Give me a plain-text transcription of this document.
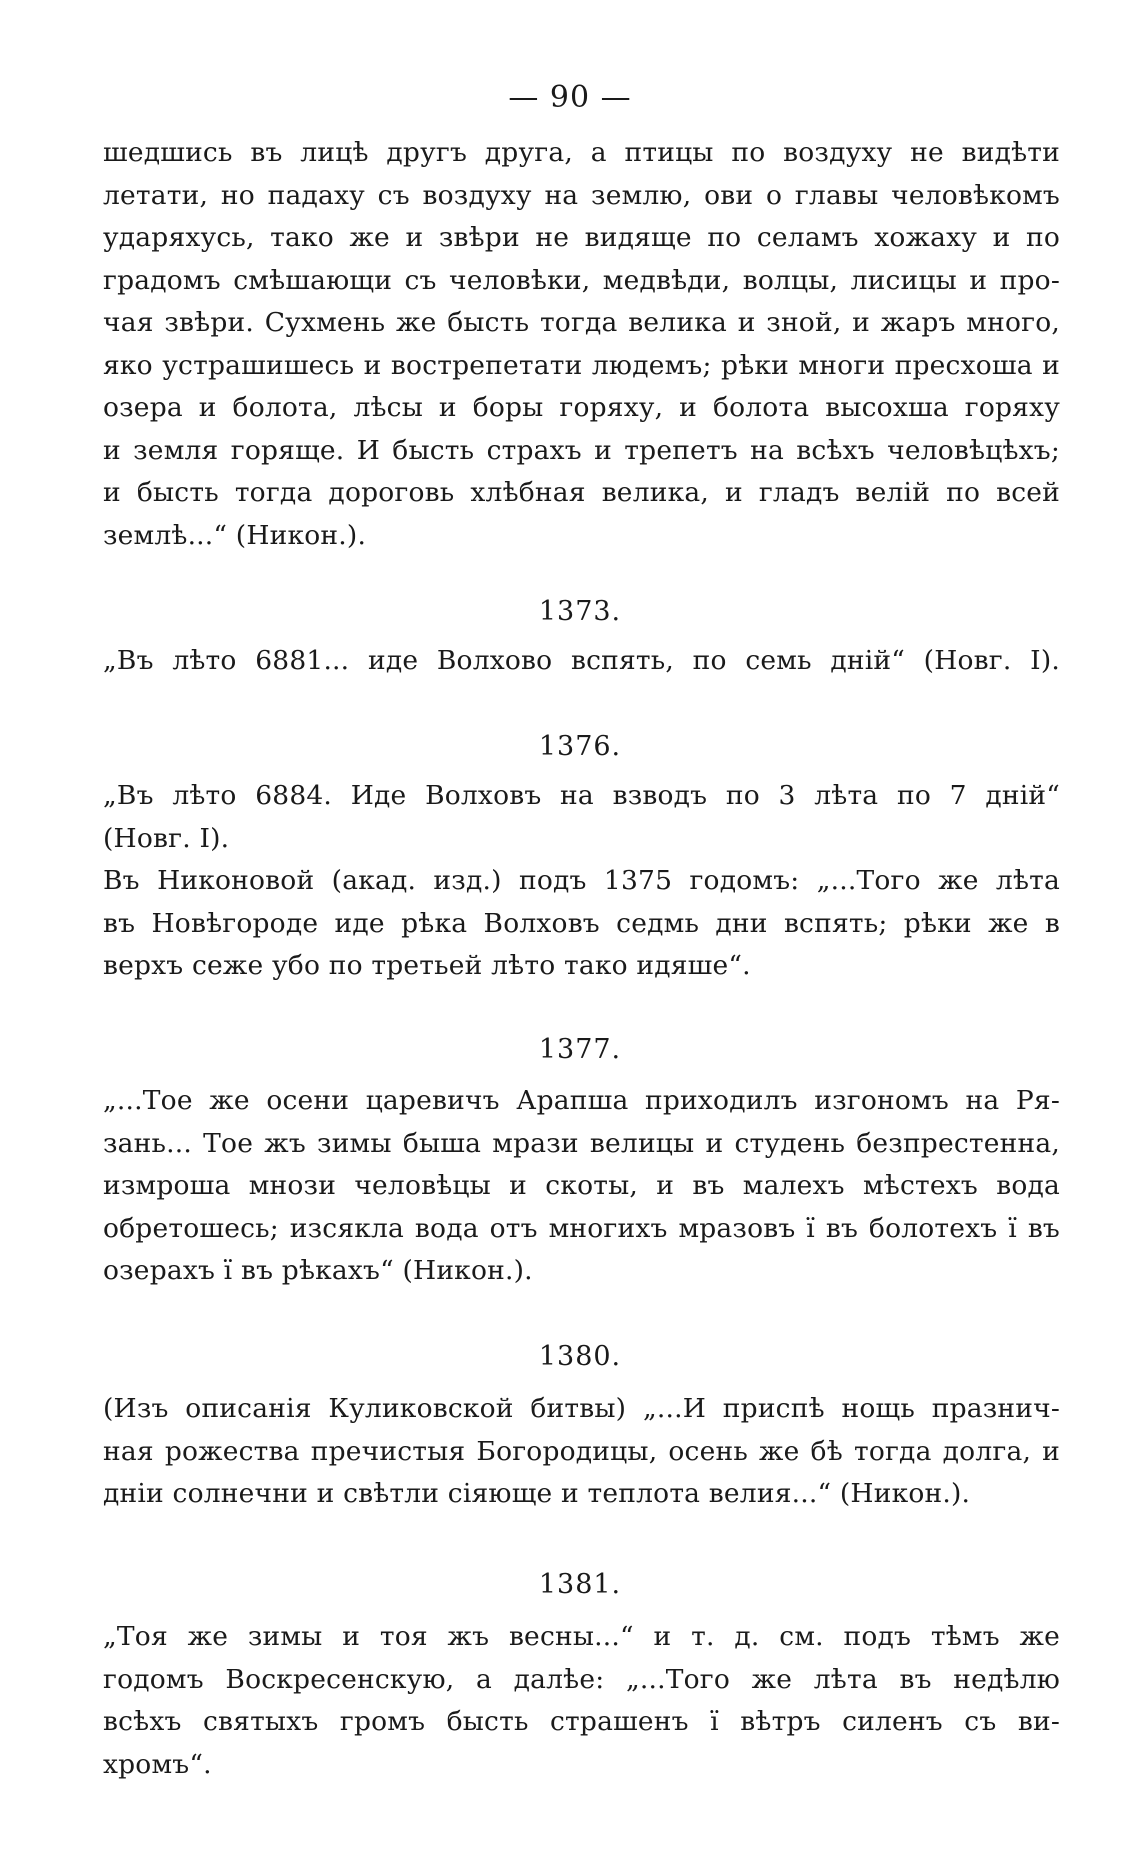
— 90 —
шедшись въ лицѣ другъ друга, а птицы по воздуху не видѣти
летати, но падаху съ воздуху на землю, ови о главы человѣкомъ
ударяхусь, тако же и звѣри не видяще по селамъ хожаху и по
градомъ смѣшающи съ человѣки, медвѣди, волцы, лисицы и про-
чая звѣри. Сухмень же бысть тогда велика и зной, и жаръ много,
яко устрашишесь и вострепетати людемъ; рѣки многи пресхоша и
озера и болота, лѣсы и боры горяху, и болота высохша горяху
и земля горяще. И бысть страхъ и трепетъ на всѣхъ человѣцѣхъ;
и бысть тогда дороговь хлѣбная велика, и гладъ велій по всей
землѣ...“ (Никон.).
1373.
„Въ лѣто 6881... иде Волхово вспять, по семь дній“ (Новг. I).
1376.
„Въ лѣто 6884. Иде Волховъ на взводъ по 3 лѣта по 7 дній“
(Новг. I).
Въ Никоновой (акад. изд.) подъ 1375 годомъ: „...Того же лѣта
въ Новѣгороде иде рѣка Волховъ седмь дни вспять; рѣки же в
верхъ сеже убо по третьей лѣто тако идяше“.
1377.
„...Тое же осени царевичъ Арапша приходилъ изгономъ на Ря-
зань... Тое жъ зимы быша мрази велицы и студень безпрестенна,
измроша мнози человѣцы и скоты, и въ малехъ мѣстехъ вода
обретошесь; изсякла вода отъ многихъ мразовъ ї въ болотехъ ї въ
озерахъ ї въ рѣкахъ“ (Никон.).
1380.
(Изъ описанія Куликовской битвы) „...И приспѣ нощь празнич-
ная рожества пречистыя Богородицы, осень же бѣ тогда долга, и
дніи солнечни и свѣтли сіяюще и теплота велия...“ (Никон.).
1381.
„Тоя же зимы и тоя жъ весны...“ и т. д. см. подъ тѣмъ же
годомъ Воскресенскую, а далѣе: „...Того же лѣта въ недѣлю
всѣхъ святыхъ громъ бысть страшенъ ї вѣтръ силенъ съ ви-
хромъ“.
